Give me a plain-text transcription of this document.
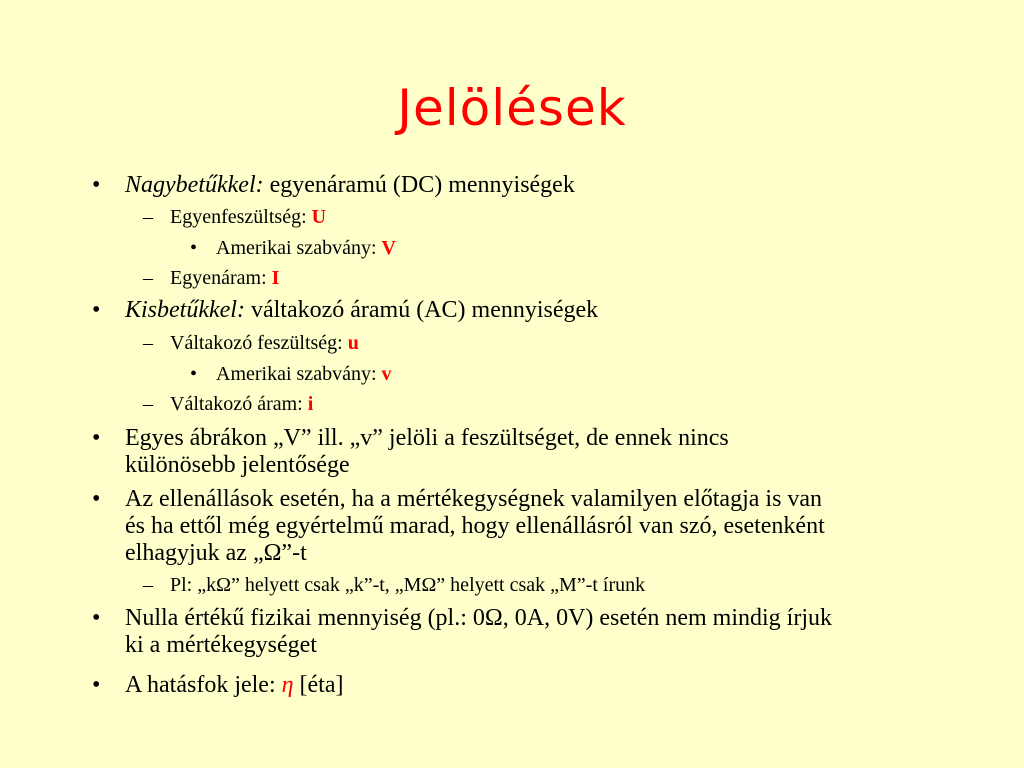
Jelölések
• Nagybetűkkel: egyenáramú (DC) mennyiségek
– Egyenfeszültség: U
• Amerikai szabvány: V
– Egyenáram: I
• Kisbetűkkel: váltakozó áramú (AC) mennyiségek
– Váltakozó feszültség: u
• Amerikai szabvány: v
– Váltakozó áram: i
• Egyes ábrákon „V” ill. „v” jelöli a feszültséget, de ennek nincs
különösebb jelentősége
• Az ellenállások esetén, ha a mértékegységnek valamilyen előtagja is van
és ha ettől még egyértelmű marad, hogy ellenállásról van szó, esetenként
elhagyjuk az „Ω”-t
– Pl: „kΩ” helyett csak „k”-t, „MΩ” helyett csak „M”-t írunk
• Nulla értékű fizikai mennyiség (pl.: 0Ω, 0A, 0V) esetén nem mindig írjuk
ki a mértékegységet
• A hatásfok jele: η [éta]
